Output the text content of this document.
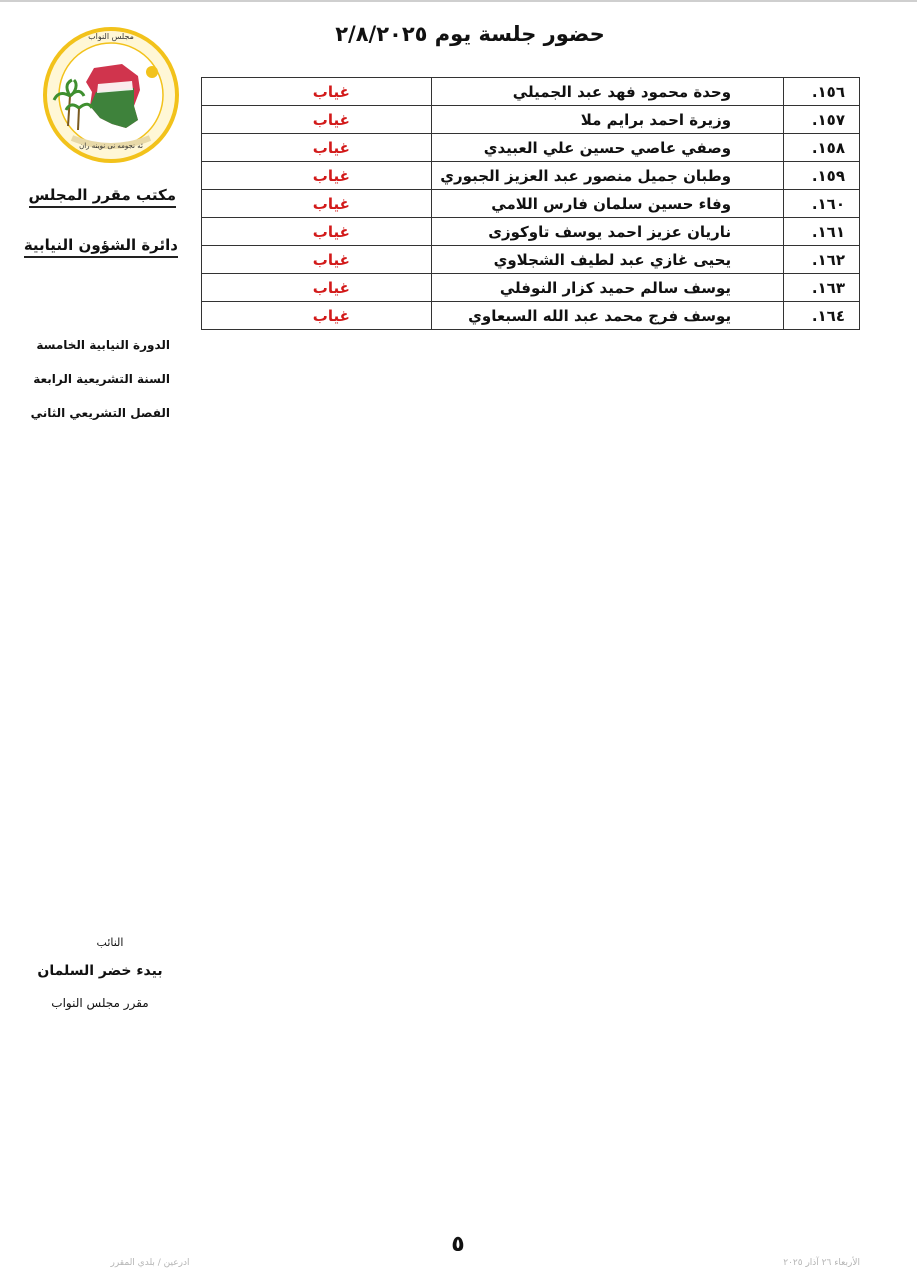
حضور جلسة يوم ٢/٨/٢٠٢٥
مجلس النواب
ئه نجومه نی نوینه ران
مكتب مقرر المجلس
دائرة الشؤون النيابية
الدورة النيابية الخامسة
السنة التشريعية الرابعة
الفصل التشريعي الثاني
١٥٦.	وحدة محمود فهد عبد الجميلي	غياب
١٥٧.	وزيرة احمد برايم ملا	غياب
١٥٨.	وصفي عاصي حسين علي العبيدي	غياب
١٥٩.	وطبان جميل منصور عبد العزيز الجبوري	غياب
١٦٠.	وفاء حسين سلمان فارس اللامي	غياب
١٦١.	ناريان عزيز احمد يوسف تاوكوزى	غياب
١٦٢.	يحيى غازي عبد لطيف الشجلاوي	غياب
١٦٣.	يوسف سالم حميد كزار النوفلي	غياب
١٦٤.	يوسف فرج محمد عبد الله السبعاوي	غياب
النائب
بيدء خضر السلمان
مقرر مجلس النواب
٥
ادرعين / بلدي المقرر	الأربعاء ٢٦ آذار ٢٠٢٥
